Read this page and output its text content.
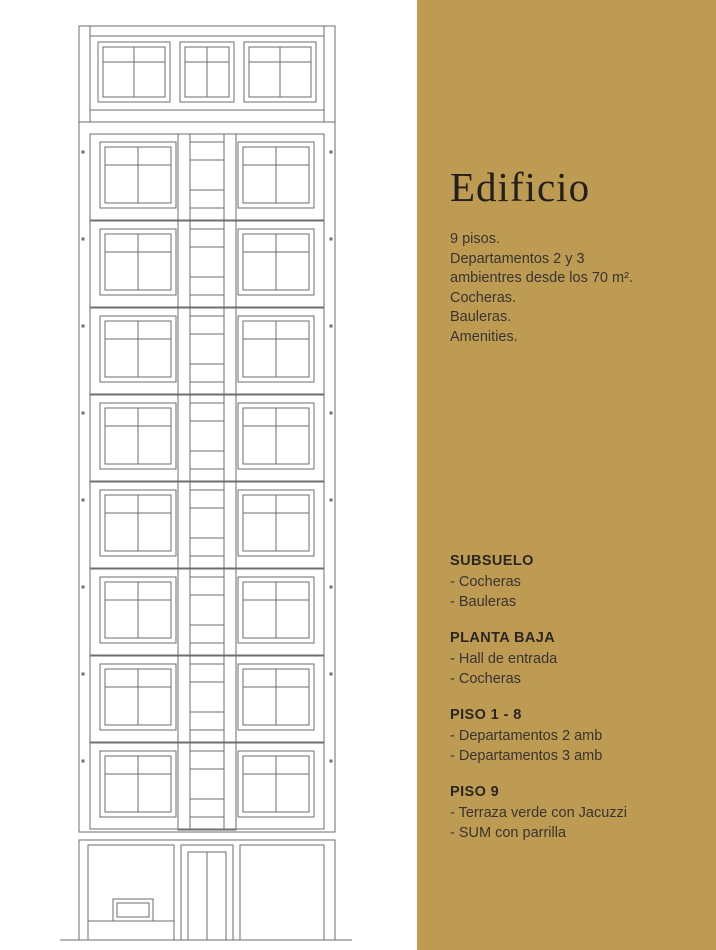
Edificio
9 pisos.
Departamentos 2 y 3
ambientres desde los 70 m².
Cocheras.
Bauleras.
Amenities.
SUBSUELO
- Cocheras
- Bauleras
PLANTA BAJA
- Hall de entrada
- Cocheras
PISO 1 - 8
- Departamentos 2 amb
- Departamentos 3 amb
PISO 9
- Terraza verde con Jacuzzi
- SUM con parrilla
